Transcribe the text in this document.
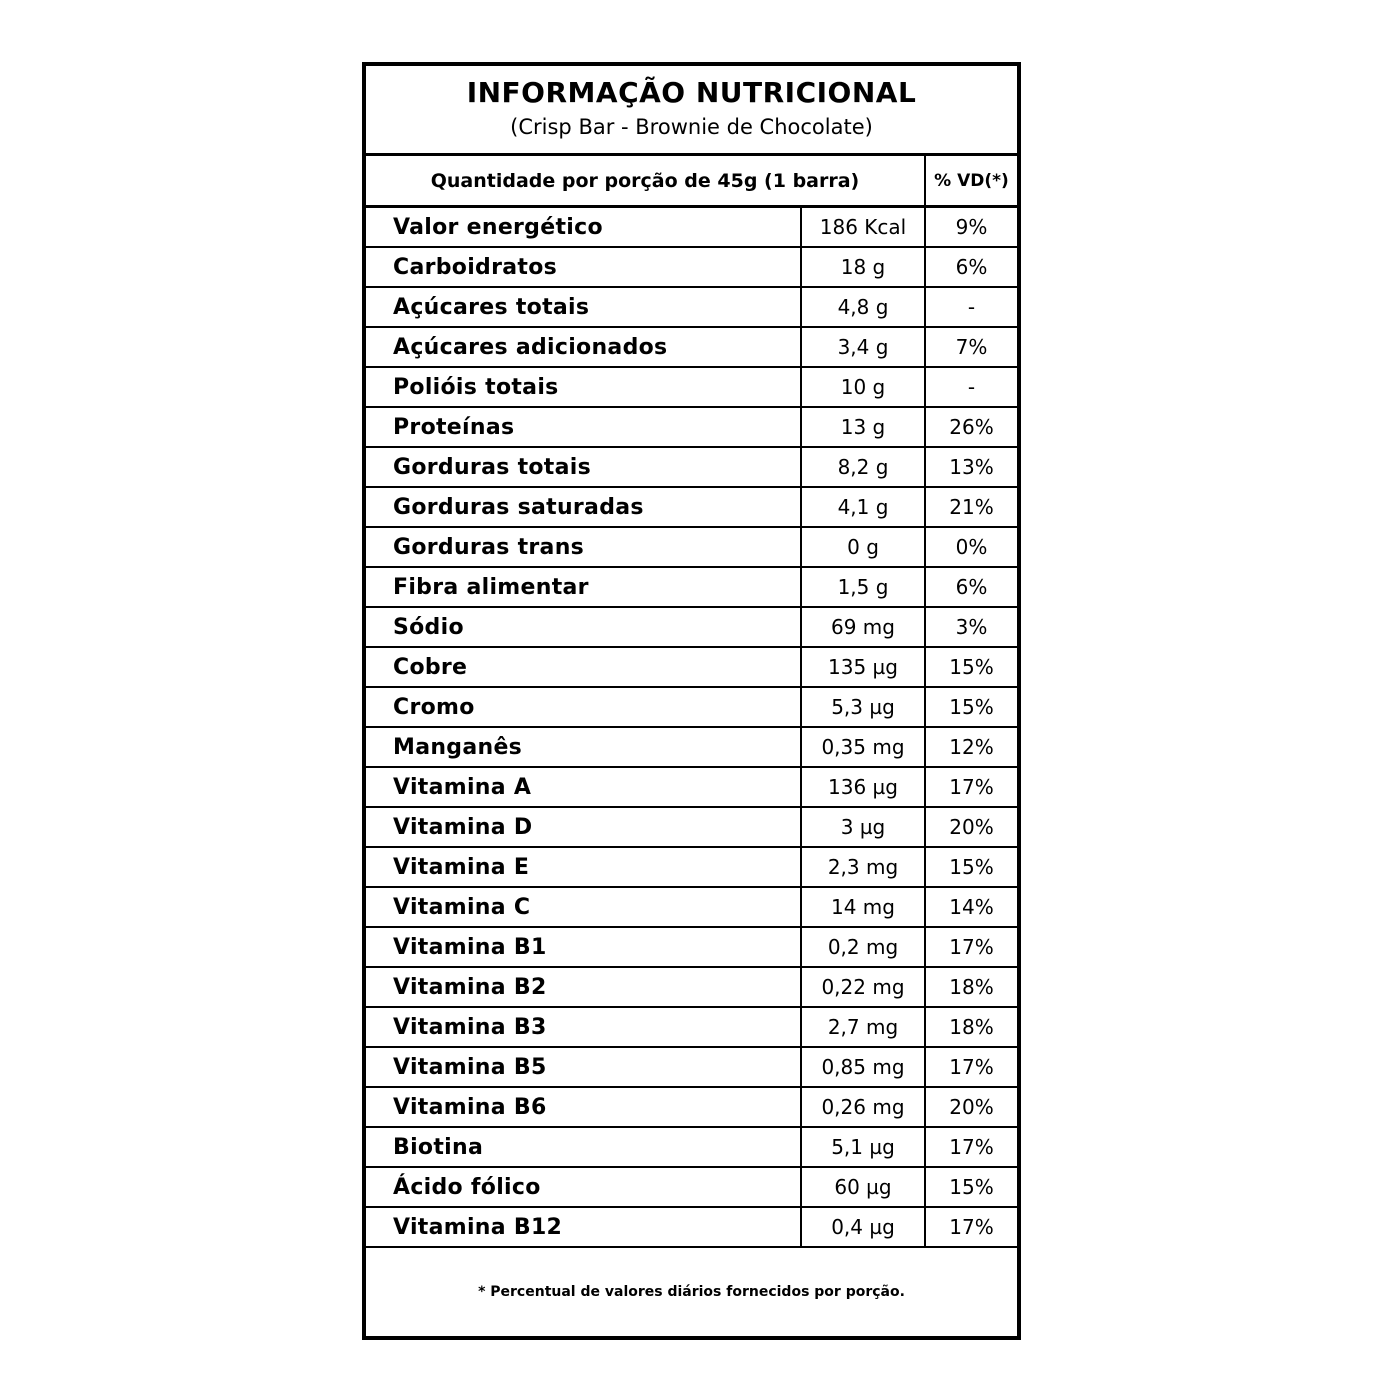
INFORMAÇÃO NUTRICIONAL
(Crisp Bar - Brownie de Chocolate)
Quantidade por porção de 45g (1 barra)	% VD(*)
Valor energético	186 Kcal	9%
Carboidratos	18 g	6%
Açúcares totais	4,8 g	-
Açúcares adicionados	3,4 g	7%
Polióis totais	10 g	-
Proteínas	13 g	26%
Gorduras totais	8,2 g	13%
Gorduras saturadas	4,1 g	21%
Gorduras trans	0 g	0%
Fibra alimentar	1,5 g	6%
Sódio	69 mg	3%
Cobre	135 µg	15%
Cromo	5,3 µg	15%
Manganês	0,35 mg	12%
Vitamina A	136 µg	17%
Vitamina D	3 µg	20%
Vitamina E	2,3 mg	15%
Vitamina C	14 mg	14%
Vitamina B1	0,2 mg	17%
Vitamina B2	0,22 mg	18%
Vitamina B3	2,7 mg	18%
Vitamina B5	0,85 mg	17%
Vitamina B6	0,26 mg	20%
Biotina	5,1 µg	17%
Ácido fólico	60 µg	15%
Vitamina B12	0,4 µg	17%
* Percentual de valores diários fornecidos por porção.
